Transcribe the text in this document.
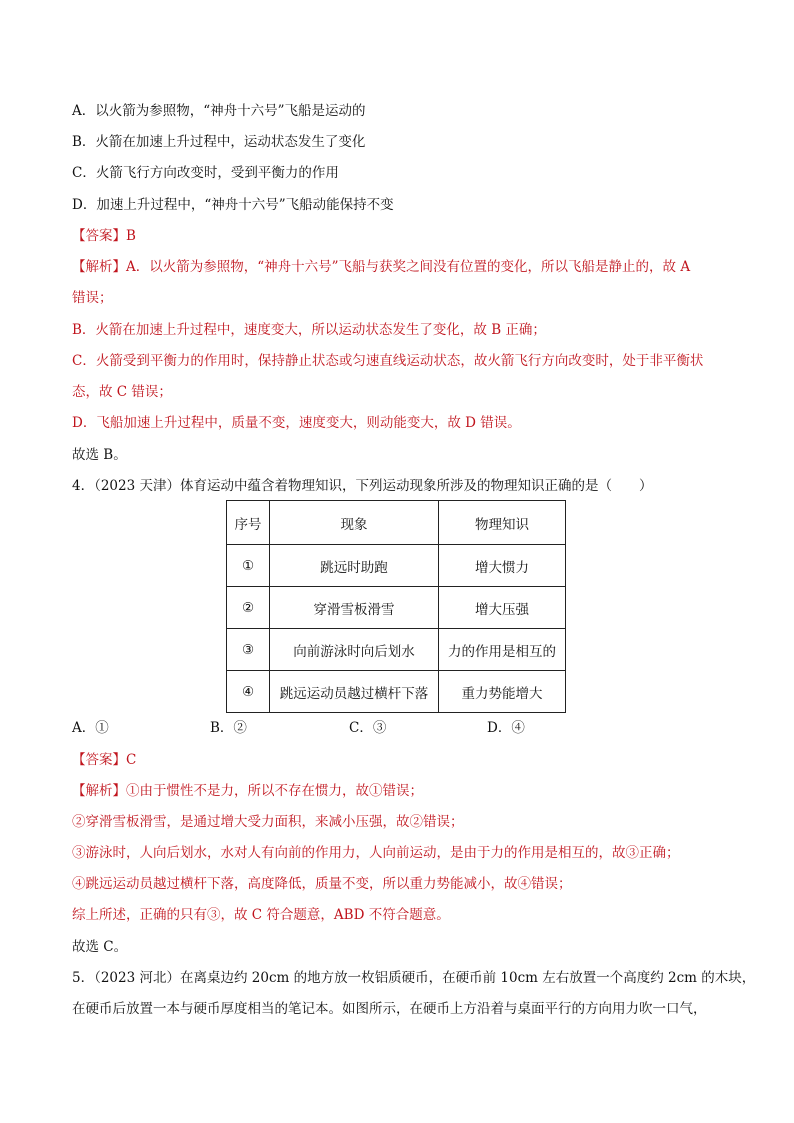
A．以火箭为参照物，“神舟十六号”飞船是运动的
B．火箭在加速上升过程中，运动状态发生了变化
C．火箭飞行方向改变时，受到平衡力的作用
D．加速上升过程中，“神舟十六号”飞船动能保持不变
【答案】B
【解析】A．以火箭为参照物，“神舟十六号”飞船与获奖之间没有位置的变化，所以飞船是静止的，故 A
错误；
B．火箭在加速上升过程中，速度变大，所以运动状态发生了变化，故 B 正确；
C．火箭受到平衡力的作用时，保持静止状态或匀速直线运动状态，故火箭飞行方向改变时，处于非平衡状
态，故 C 错误；
D．飞船加速上升过程中，质量不变，速度变大，则动能变大，故 D 错误。
故选 B。
4．（2023 天津）体育运动中蕴含着物理知识，下列运动现象所涉及的物理知识正确的是（　　）
序号	现象	物理知识
①	跳远时助跑	增大惯力
②	穿滑雪板滑雪	增大压强
③	向前游泳时向后划水	力的作用是相互的
④	跳远运动员越过横杆下落	重力势能增大
A．①	B．②	C．③	D．④
【答案】C
【解析】①由于惯性不是力，所以不存在惯力，故①错误；
②穿滑雪板滑雪，是通过增大受力面积，来减小压强，故②错误；
③游泳时，人向后划水，水对人有向前的作用力，人向前运动，是由于力的作用是相互的，故③正确；
④跳远运动员越过横杆下落，高度降低，质量不变，所以重力势能减小，故④错误；
综上所述，正确的只有③，故 C 符合题意，ABD 不符合题意。
故选 C。
5．（2023 河北）在离桌边约 20cm 的地方放一枚铝质硬币，在硬币前 10cm 左右放置一个高度约 2cm 的木块，
在硬币后放置一本与硬币厚度相当的笔记本。如图所示，在硬币上方沿着与桌面平行的方向用力吹一口气，
